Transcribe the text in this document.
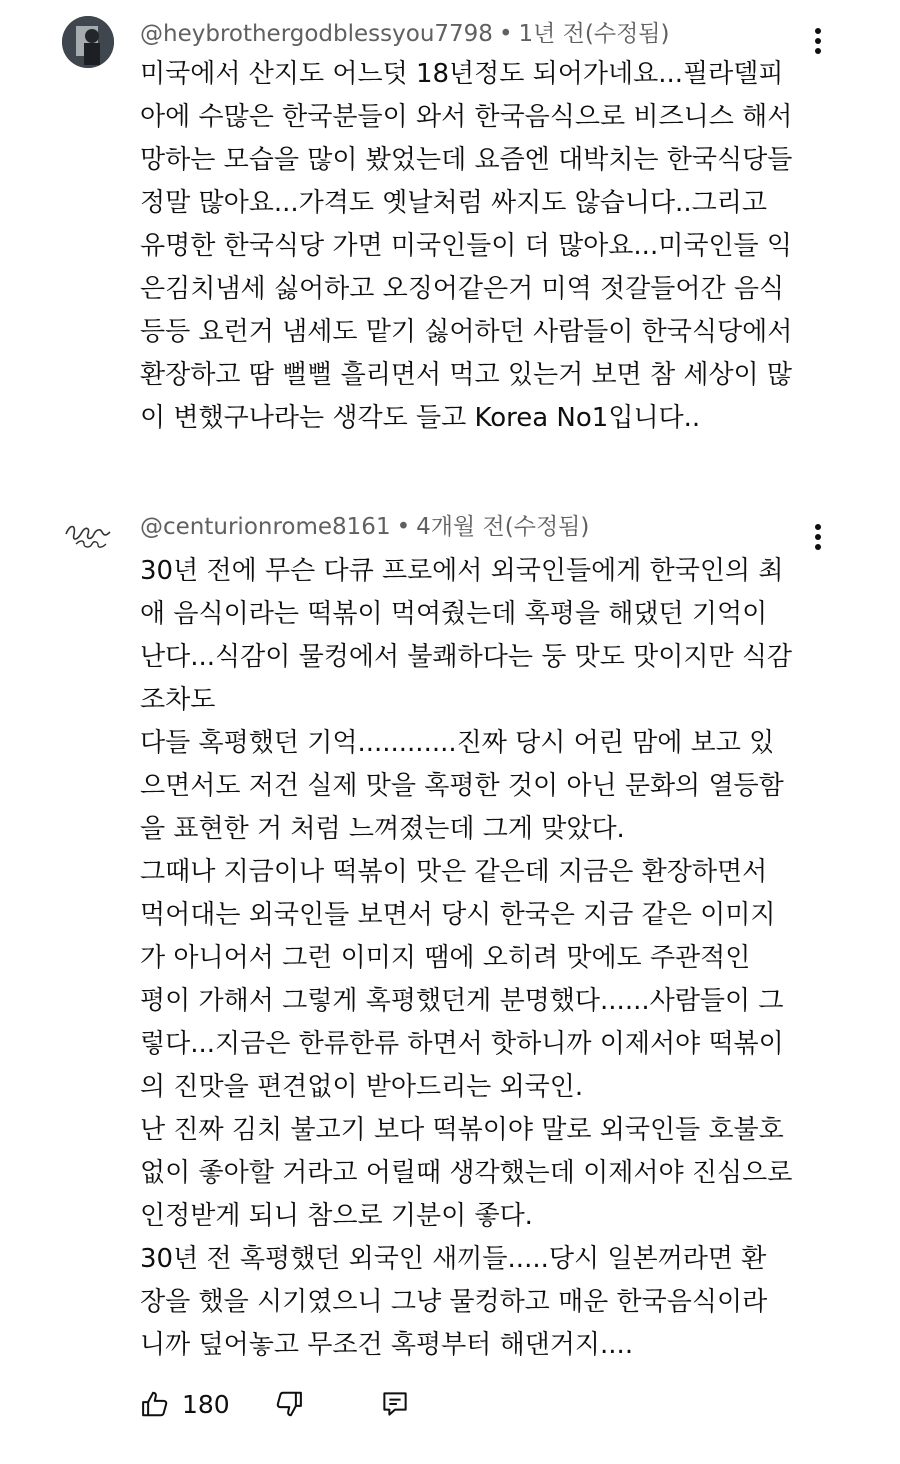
@heybrothergodblessyou7798 • 1년 전(수정됨)
미국에서 산지도 어느덧 18년정도 되어가네요...필라델피
아에 수많은 한국분들이 와서 한국음식으로 비즈니스 해서
망하는 모습을 많이 봤었는데 요즘엔 대박치는 한국식당들
정말 많아요...가격도 옛날처럼 싸지도 않습니다..그리고
유명한 한국식당 가면 미국인들이 더 많아요...미국인들 익
은김치냄세 싫어하고 오징어같은거 미역 젓갈들어간 음식
등등 요런거 냄세도 맡기 싫어하던 사람들이 한국식당에서
환장하고 땀 뻘뻘 흘리면서 먹고 있는거 보면 참 세상이 많
이 변했구나라는 생각도 들고 Korea No1입니다..
@centurionrome8161 • 4개월 전(수정됨)
30년 전에 무슨 다큐 프로에서 외국인들에게 한국인의 최
애 음식이라는 떡볶이 먹여줬는데 혹평을 해댔던 기억이
난다...식감이 물컹에서 불쾌하다는 둥 맛도 맛이지만 식감
조차도
다들 혹평했던 기억............진짜 당시 어린 맘에 보고 있
으면서도 저건 실제 맛을 혹평한 것이 아닌 문화의 열등함
을 표현한 거 처럼 느껴졌는데 그게 맞았다.
그때나 지금이나 떡볶이 맛은 같은데 지금은 환장하면서
먹어대는 외국인들 보면서 당시 한국은 지금 같은 이미지
가 아니어서 그런 이미지 땜에 오히려 맛에도 주관적인
평이 가해서 그렇게 혹평했던게 분명했다......사람들이 그
렇다...지금은 한류한류 하면서 핫하니까 이제서야 떡볶이
의 진맛을 편견없이 받아드리는 외국인.
난 진짜 김치 불고기 보다 떡볶이야 말로 외국인들 호불호
없이 좋아할 거라고 어릴때 생각했는데 이제서야 진심으로
인정받게 되니 참으로 기분이 좋다.
30년 전 혹평했던 외국인 새끼들.....당시 일본꺼라면 환
장을 했을 시기였으니 그냥 물컹하고 매운 한국음식이라
니까 덮어놓고 무조건 혹평부터 해댄거지....
180
